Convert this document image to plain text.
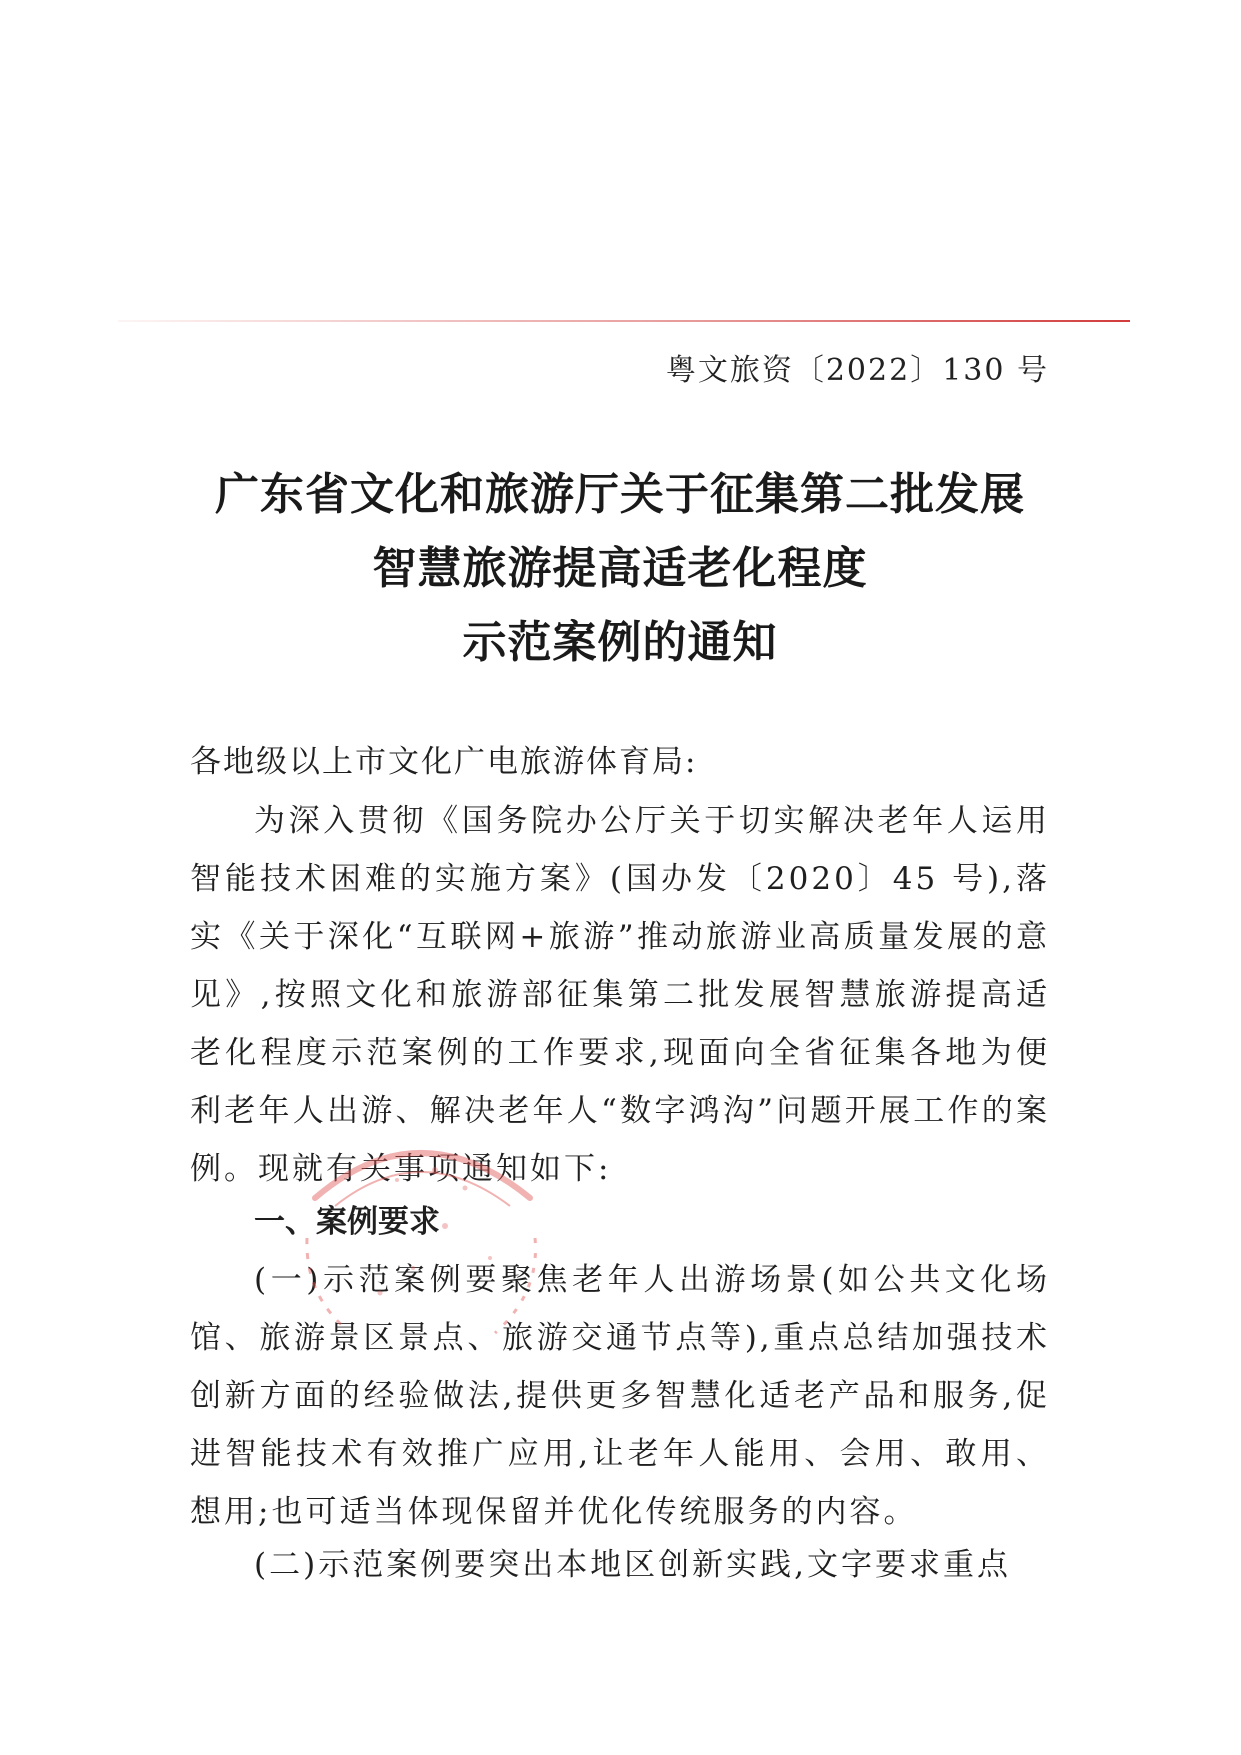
粤文旅资〔2022〕130 号
广东省文化和旅游厅关于征集第二批发展
智慧旅游提高适老化程度
示范案例的通知
各地级以上市文化广电旅游体育局:
为深入贯彻《国务院办公厅关于切实解决老年人运用智能技术困难的实施方案》(国办发〔2020〕45 号),落实《关于深化“互联网+旅游”推动旅游业高质量发展的意见》,按照文化和旅游部征集第二批发展智慧旅游提高适老化程度示范案例的工作要求,现面向全省征集各地为便利老年人出游、解决老年人“数字鸿沟”问题开展工作的案例。现就有关事项通知如下:
一、案例要求
(一)示范案例要聚焦老年人出游场景(如公共文化场馆、旅游景区景点、旅游交通节点等),重点总结加强技术创新方面的经验做法,提供更多智慧化适老产品和服务,促进智能技术有效推广应用,让老年人能用、会用、敢用、想用;也可适当体现保留并优化传统服务的内容。
(二)示范案例要突出本地区创新实践,文字要求重点
